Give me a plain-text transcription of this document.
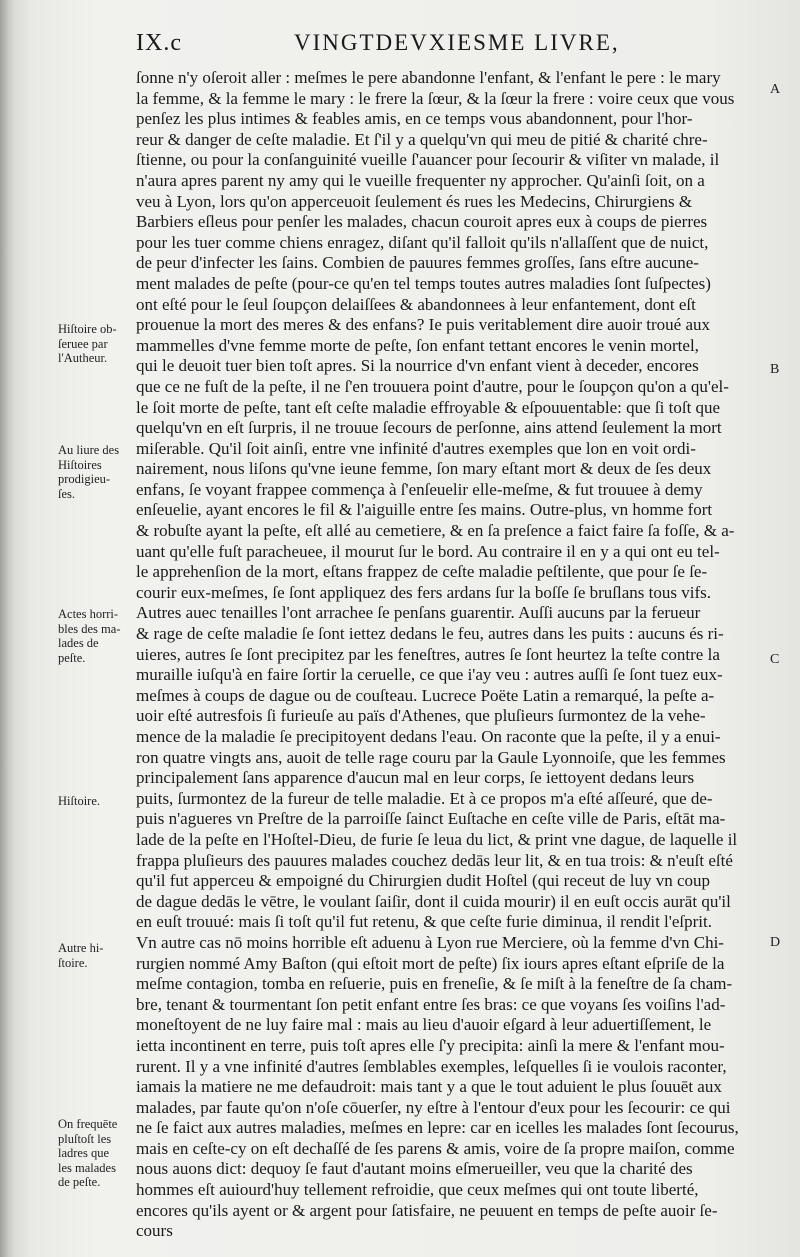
IX.c	VINGTDEVXIESME LIVRE,
ſonne n'y oſeroit aller : meſmes le pere abandonne l'enfant, & l'enfant le pere : le mary
la femme, & la femme le mary : le frere la ſœur, & la ſœur la frere : voire ceux que vous
penſez les plus intimes & feables amis, en ce temps vous abandonnent, pour l'hor-
reur & danger de ceſte maladie. Et ſ'il y a quelqu'vn qui meu de pitié & charité chre-
ſtienne, ou pour la conſanguinité vueille ſ'auancer pour ſecourir & viſiter vn malade, il
n'aura apres parent ny amy qui le vueille frequenter ny approcher. Qu'ainſi ſoit, on a
veu à Lyon, lors qu'on apperceuoit ſeulement és rues les Medecins, Chirurgiens &
Barbiers eſleus pour penſer les malades, chacun couroit apres eux à coups de pierres
pour les tuer comme chiens enragez, diſant qu'il falloit qu'ils n'allaſſent que de nuict,
de peur d'infecter les ſains. Combien de pauures femmes groſſes, ſans eſtre aucune-
ment malades de peſte (pour-ce qu'en tel temps toutes autres maladies ſont ſuſpectes)
ont eſté pour le ſeul ſoupçon delaiſſees & abandonnees à leur enfantement, dont eſt
prouenue la mort des meres & des enfans? Ie puis veritablement dire auoir troué aux
mammelles d'vne femme morte de peſte, ſon enfant tettant encores le venin mortel,
qui le deuoit tuer bien toſt apres. Si la nourrice d'vn enfant vient à deceder, encores
que ce ne fuſt de la peſte, il ne ſ'en trouuera point d'autre, pour le ſoupçon qu'on a qu'el-
le ſoit morte de peſte, tant eſt ceſte maladie effroyable & eſpouuentable: que ſi toſt que
quelqu'vn en eſt ſurpris, il ne trouue ſecours de perſonne, ains attend ſeulement la mort
miſerable. Qu'il ſoit ainſi, entre vne infinité d'autres exemples que lon en voit ordi-
nairement, nous liſons qu'vne ieune femme, ſon mary eſtant mort & deux de ſes deux
enfans, ſe voyant frappee commença à ſ'enſeuelir elle-meſme, & fut trouuee à demy
enſeuelie, ayant encores le fil & l'aiguille entre ſes mains. Outre-plus, vn homme fort
& robuſte ayant la peſte, eſt allé au cemetiere, & en ſa preſence a faict faire ſa foſſe, & a-
uant qu'elle fuſt paracheuee, il mourut ſur le bord. Au contraire il en y a qui ont eu tel-
le apprehenſion de la mort, eſtans frappez de ceſte maladie peſtilente, que pour ſe ſe-
courir eux-meſmes, ſe ſont appliquez des fers ardans ſur la boſſe ſe bruſlans tous vifs.
Autres auec tenailles l'ont arrachee ſe penſans guarentir. Auſſi aucuns par la ferueur
& rage de ceſte maladie ſe ſont iettez dedans le feu, autres dans les puits : aucuns és ri-
uieres, autres ſe ſont precipitez par les feneſtres, autres ſe ſont heurtez la teſte contre la
muraille iuſqu'à en faire ſortir la ceruelle, ce que i'ay veu : autres auſſi ſe ſont tuez eux-
meſmes à coups de dague ou de couſteau. Lucrece Poëte Latin a remarqué, la peſte a-
uoir eſté autresfois ſi furieuſe au païs d'Athenes, que pluſieurs ſurmontez de la vehe-
mence de la maladie ſe precipitoyent dedans l'eau. On raconte que la peſte, il y a enui-
ron quatre vingts ans, auoit de telle rage couru par la Gaule Lyonnoiſe, que les femmes
principalement ſans apparence d'aucun mal en leur corps, ſe iettoyent dedans leurs
puits, ſurmontez de la fureur de telle maladie. Et à ce propos m'a eſté aſſeuré, que de-
puis n'agueres vn Preſtre de la parroiſſe ſainct Euſtache en ceſte ville de Paris, eſtāt ma-
lade de la peſte en l'Hoſtel-Dieu, de furie ſe leua du lict, & print vne dague, de laquelle il
frappa pluſieurs des pauures malades couchez dedās leur lit, & en tua trois: & n'euſt eſté
qu'il fut apperceu & empoigné du Chirurgien dudit Hoſtel (qui receut de luy vn coup
de dague dedās le vētre, le voulant ſaiſir, dont il cuida mourir) il en euſt occis aurāt qu'il
en euſt trouué: mais ſi toſt qu'il fut retenu, & que ceſte furie diminua, il rendit l'eſprit.
Vn autre cas nō moins horrible eſt aduenu à Lyon rue Merciere, où la femme d'vn Chi-
rurgien nommé Amy Baſton (qui eſtoit mort de peſte) ſix iours apres eſtant eſpriſe de la
meſme contagion, tomba en reſuerie, puis en freneſie, & ſe miſt à la feneſtre de ſa cham-
bre, tenant & tourmentant ſon petit enfant entre ſes bras: ce que voyans ſes voiſins l'ad-
moneſtoyent de ne luy faire mal : mais au lieu d'auoir eſgard à leur aduertiſſement, le
ietta incontinent en terre, puis toſt apres elle ſ'y precipita: ainſi la mere & l'enfant mou-
rurent. Il y a vne infinité d'autres ſemblables exemples, leſquelles ſi ie voulois raconter,
iamais la matiere ne me defaudroit: mais tant y a que le tout aduient le plus ſouuēt aux
malades, par faute qu'on n'oſe cōuerſer, ny eſtre à l'entour d'eux pour les ſecourir: ce qui
ne ſe faict aux autres maladies, meſmes en lepre: car en icelles les malades ſont ſecourus,
mais en ceſte-cy on eſt dechaſſé de ſes parens & amis, voire de ſa propre maiſon, comme
nous auons dict: dequoy ſe faut d'autant moins eſmerueiller, veu que la charité des
hommes eſt auiourd'huy tellement refroidie, que ceux meſmes qui ont toute liberté,
encores qu'ils ayent or & argent pour ſatisfaire, ne peuuent en temps de peſte auoir ſe-
cours
Hiſtoire ob-
ſeruee par
l'Autheur.
Au liure des
Hiſtoires
prodigieu-
ſes.
Actes horri-
bles des ma-
lades de
peſte.
Hiſtoire.
Autre hi-
ſtoire.
On frequēte
pluſtoſt les
ladres que
les malades
de peſte.
A
B
C
D
